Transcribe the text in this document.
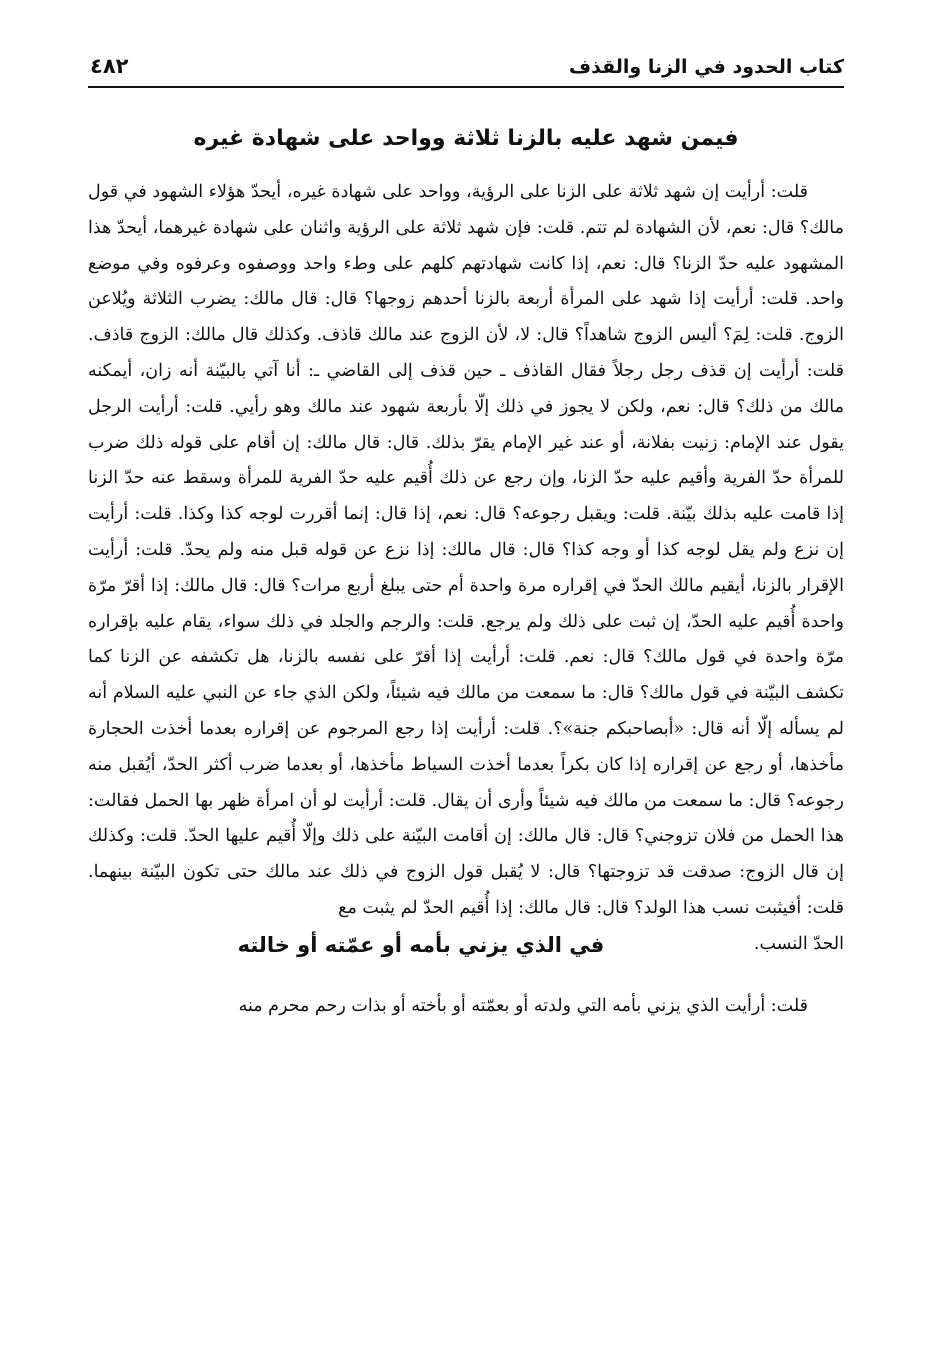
كتاب الحدود في الزنا والقذف
٤٨٢
فيمن شهد عليه بالزنا ثلاثة وواحد على شهادة غيره

قلت: أرأيت إن شهد ثلاثة على الزنا على الرؤية، وواحد على شهادة غيره، أيحدّ هؤلاء الشهود في قول مالك؟ قال: نعم، لأن الشهادة لم تتم. قلت: فإن شهد ثلاثة على الرؤية واثنان على شهادة غيرهما، أيحدّ هذا المشهود عليه حدّ الزنا؟ قال: نعم، إذا كانت شهادتهم كلهم على وطء واحد ووصفوه وعرفوه وفي موضع واحد. قلت: أرأيت إذا شهد على المرأة أربعة بالزنا أحدهم زوجها؟ قال: قال مالك: يضرب الثلاثة ويُلاعن الزوج. قلت: لِمَ؟ أليس الزوج شاهداً؟ قال: لا، لأن الزوج عند مالك قاذف. وكذلك قال مالك: الزوج قاذف. قلت: أرأيت إن قذف رجل رجلاً فقال القاذف ـ حين قذف إلى القاضي ـ: أنا آتي بالبيّنة أنه زان، أيمكنه مالك من ذلك؟ قال: نعم، ولكن لا يجوز في ذلك إلّا بأربعة شهود عند مالك وهو رأيي. قلت: أرأيت الرجل يقول عند الإمام: زنيت بفلانة، أو عند غير الإمام يقرّ بذلك. قال: قال مالك: إن أقام على قوله ذلك ضرب للمرأة حدّ الفرية وأقيم عليه حدّ الزنا، وإن رجع عن ذلك أُقيم عليه حدّ الفرية للمرأة وسقط عنه حدّ الزنا إذا قامت عليه بذلك بيّنة. قلت: ويقبل رجوعه؟ قال: نعم، إذا قال: إنما أقررت لوجه كذا وكذا. قلت: أرأيت إن نزع ولم يقل لوجه كذا أو وجه كذا؟ قال: قال مالك: إذا نزع عن قوله قبل منه ولم يحدّ. قلت: أرأيت الإقرار بالزنا، أيقيم مالك الحدّ في إقراره مرة واحدة أم حتى يبلغ أربع مرات؟ قال: قال مالك: إذا أقرّ مرّة واحدة أُقيم عليه الحدّ، إن ثبت على ذلك ولم يرجع. قلت: والرجم والجلد في ذلك سواء، يقام عليه بإقراره مرّة واحدة في قول مالك؟ قال: نعم. قلت: أرأيت إذا أقرّ على نفسه بالزنا، هل تكشفه عن الزنا كما تكشف البيّنة في قول مالك؟ قال: ما سمعت من مالك فيه شيئاً، ولكن الذي جاء عن النبي عليه السلام أنه لم يسأله إلّا أنه قال: «أبصاحبكم جنة»؟. قلت: أرأيت إذا رجع المرجوم عن إقراره بعدما أخذت الحجارة مأخذها، أو رجع عن إقراره إذا كان بكراً بعدما أخذت السياط مأخذها، أو بعدما ضرب أكثر الحدّ، أيُقبل منه رجوعه؟ قال: ما سمعت من مالك فيه شيئاً وأرى أن يقال. قلت: أرأيت لو أن امرأة ظهر بها الحمل فقالت: هذا الحمل من فلان تزوجني؟ قال: قال مالك: إن أقامت البيّنة على ذلك وإلّا أُقيم عليها الحدّ. قلت: وكذلك إن قال الزوج: صدقت قد تزوجتها؟ قال: لا يُقبل قول الزوج في ذلك عند مالك حتى تكون البيّنة بينهما. قلت: أفيثبت نسب هذا الولد؟ قال: قال مالك: إذا أُقيم الحدّ لم يثبت مع

الحدّ النسب.
في الذي يزني بأمه أو عمّته أو خالته

قلت: أرأيت الذي يزني بأمه التي ولدته أو بعمّته أو بأخته أو بذات رحم محرم منه
